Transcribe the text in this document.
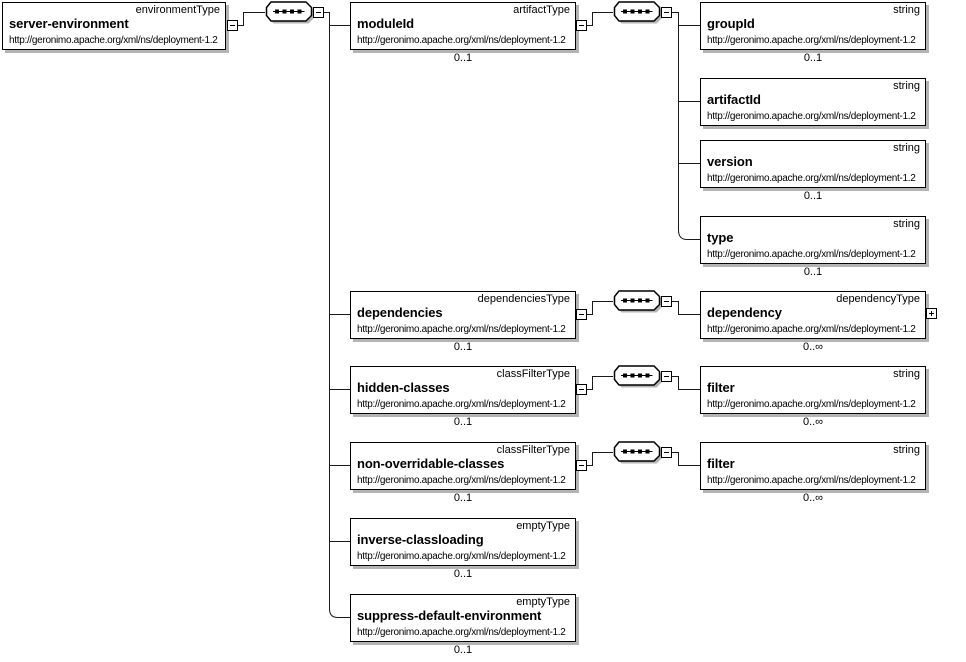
environmentType
server-environment
http://geronimo.apache.org/xml/ns/deployment-1.2
artifactType
moduleId
http://geronimo.apache.org/xml/ns/deployment-1.2
0..1
dependenciesType
dependencies
http://geronimo.apache.org/xml/ns/deployment-1.2
0..1
classFilterType
hidden-classes
http://geronimo.apache.org/xml/ns/deployment-1.2
0..1
classFilterType
non-overridable-classes
http://geronimo.apache.org/xml/ns/deployment-1.2
0..1
emptyType
inverse-classloading
http://geronimo.apache.org/xml/ns/deployment-1.2
0..1
emptyType
suppress-default-environment
http://geronimo.apache.org/xml/ns/deployment-1.2
0..1
string
groupId
http://geronimo.apache.org/xml/ns/deployment-1.2
0..1
string
artifactId
http://geronimo.apache.org/xml/ns/deployment-1.2
string
version
http://geronimo.apache.org/xml/ns/deployment-1.2
0..1
string
type
http://geronimo.apache.org/xml/ns/deployment-1.2
0..1
dependencyType
dependency
http://geronimo.apache.org/xml/ns/deployment-1.2
0..∞
string
filter
http://geronimo.apache.org/xml/ns/deployment-1.2
0..∞
string
filter
http://geronimo.apache.org/xml/ns/deployment-1.2
0..∞
